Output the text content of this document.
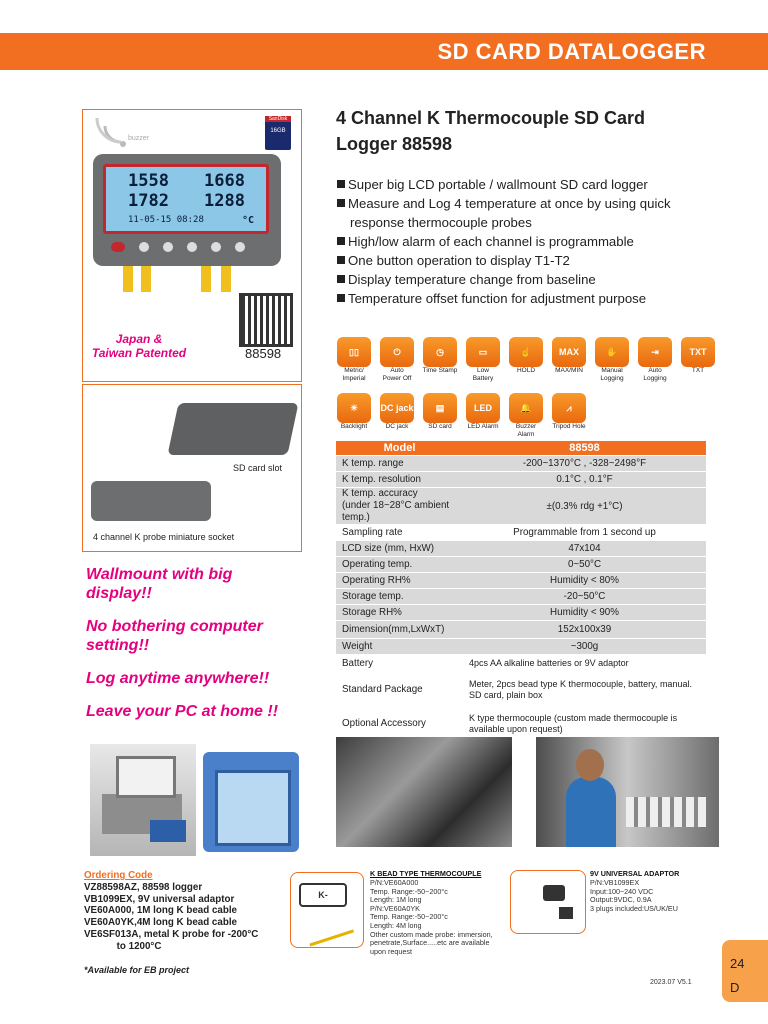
SD CARD DATALOGGER
buzzer
SanDisk
16GB
1558 1668
1782 1288
11-05-15 08:28	°C
Japan &
Taiwan Patented	88598
SD card slot
4 channel K probe miniature socket
4 Channel K Thermocouple SD Card
Logger 88598
Super big LCD portable / wallmount SD card logger
Measure and Log 4 temperature at once by using quick
response thermocouple probes
High/low alarm of each channel is programmable
One button operation to display T1-T2
Display temperature change from baseline
Temperature offset function for adjustment purpose
▯▯
Metric/
Imperial
⏻
Auto
Power Off
◷
Time Stamp
▭
Low
Battery
☝
HOLD
MAX MIN
MAX/MIN
✋
Manual
Logging
⇥
Auto
Logging
TXT
TXT
☀
Backlight
DC jack
DC jack
▤
SD card
LED
LED Alarm
🔔
Buzzer
Alarm
⩘
Tripod Hole
Model	88598
K temp. range	-200~1370°C , -328~2498°F
K temp. resolution	0.1°C , 0.1°F
K temp. accuracy
(under 18~28°C ambient temp.)	±(0.3% rdg +1°C)
Sampling rate	Programmable from 1 second up
LCD size (mm, HxW)	47x104
Operating temp.	0~50°C
Operating RH%	Humidity < 80%
Storage temp.	-20~50°C
Storage RH%	Humidity < 90%
Dimension(mm,LxWxT)	152x100x39
Weight	~300g
Battery	4pcs AA alkaline batteries or 9V adaptor
Standard Package	Meter, 2pcs bead type K thermocouple, battery, manual.
SD card, plain box
Optional Accessory	K type thermocouple (custom made thermocouple is
available upon request)
Wallmount with big display!!
No bothering computer setting!!
Log anytime anywhere!!
Leave your PC at home !!
Ordering Code
VZ88598AZ, 88598 logger
VB1099EX, 9V universal adaptor
VE60A000, 1M long K bead cable
VE60A0YK,4M long K bead cable
VE6SF013A, metal K probe for -200°C
to 1200°C
*Available for EB project
K-
K BEAD TYPE THERMOCOUPLE
P/N:VE60A000
Temp. Range:-50~200°c
Length: 1M long
P/N:VE60A0YK
Temp. Range:-50~200°c
Length: 4M long
Other custom made probe: immersion,
penetrate,Surface.....etc are available
upon request
9V UNIVERSAL ADAPTOR
P/N:VB1099EX
Input:100~240 VDC
Output:9VDC, 0.9A
3 plugs included:US/UK/EU
2023.07 V5.1
24
D
